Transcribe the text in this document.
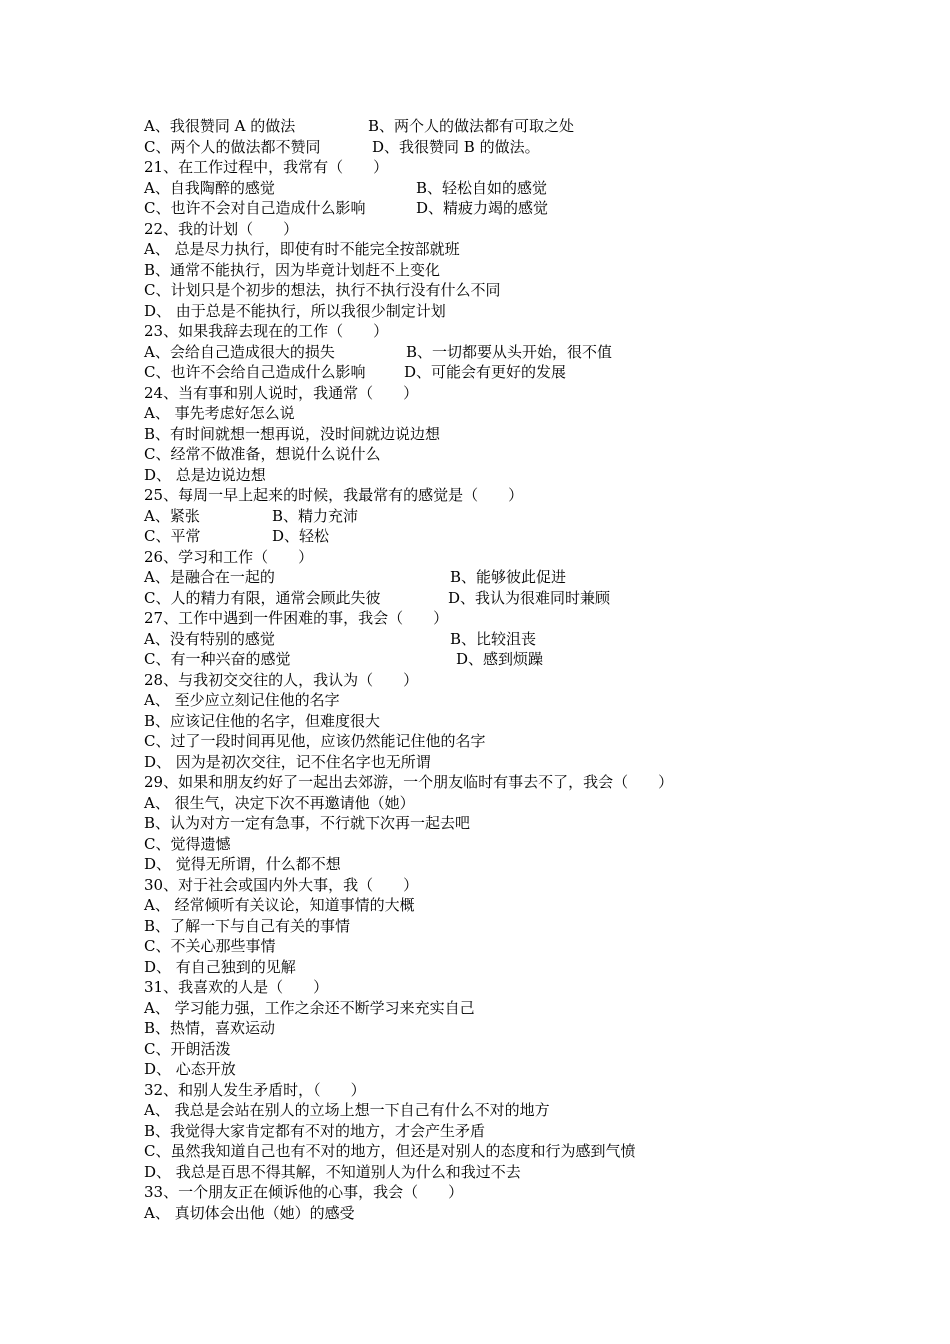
A、我很赞同 A 的做法	B、两个人的做法都有可取之处
C、两个人的做法都不赞同	D、我很赞同 B 的做法。
21、在工作过程中，我常有（　　）
A、自我陶醉的感觉	B、轻松自如的感觉
C、也许不会对自己造成什么影响	D、精疲力竭的感觉
22、我的计划（　　）
A、 总是尽力执行，即使有时不能完全按部就班
B、通常不能执行，因为毕竟计划赶不上变化
C、计划只是个初步的想法，执行不执行没有什么不同
D、 由于总是不能执行，所以我很少制定计划
23、如果我辞去现在的工作（　　）
A、会给自己造成很大的损失	B、一切都要从头开始，很不值
C、也许不会给自己造成什么影响	D、可能会有更好的发展
24、当有事和别人说时，我通常（　　）
A、 事先考虑好怎么说
B、有时间就想一想再说，没时间就边说边想
C、经常不做准备，想说什么说什么
D、 总是边说边想
25、每周一早上起来的时候，我最常有的感觉是（　　）
A、紧张	B、精力充沛
C、平常	D、轻松
26、学习和工作（　　）
A、是融合在一起的	B、能够彼此促进
C、人的精力有限，通常会顾此失彼	D、我认为很难同时兼顾
27、工作中遇到一件困难的事，我会（　　）
A、没有特别的感觉	B、比较沮丧
C、有一种兴奋的感觉	D、感到烦躁
28、与我初交交往的人，我认为（　　）
A、 至少应立刻记住他的名字
B、应该记住他的名字，但难度很大
C、过了一段时间再见他，应该仍然能记住他的名字
D、 因为是初次交往，记不住名字也无所谓
29、如果和朋友约好了一起出去郊游，一个朋友临时有事去不了，我会（　　）
A、 很生气，决定下次不再邀请他（她）
B、认为对方一定有急事，不行就下次再一起去吧
C、觉得遗憾
D、 觉得无所谓，什么都不想
30、对于社会或国内外大事，我（　　）
A、 经常倾听有关议论，知道事情的大概
B、了解一下与自己有关的事情
C、不关心那些事情
D、 有自己独到的见解
31、我喜欢的人是（　　）
A、 学习能力强，工作之余还不断学习来充实自己
B、热情，喜欢运动
C、开朗活泼
D、 心态开放
32、和别人发生矛盾时，（　　）
A、 我总是会站在别人的立场上想一下自己有什么不对的地方
B、我觉得大家肯定都有不对的地方，才会产生矛盾
C、虽然我知道自己也有不对的地方，但还是对别人的态度和行为感到气愤
D、 我总是百思不得其解，不知道别人为什么和我过不去
33、一个朋友正在倾诉他的心事，我会（　　）
A、 真切体会出他（她）的感受
